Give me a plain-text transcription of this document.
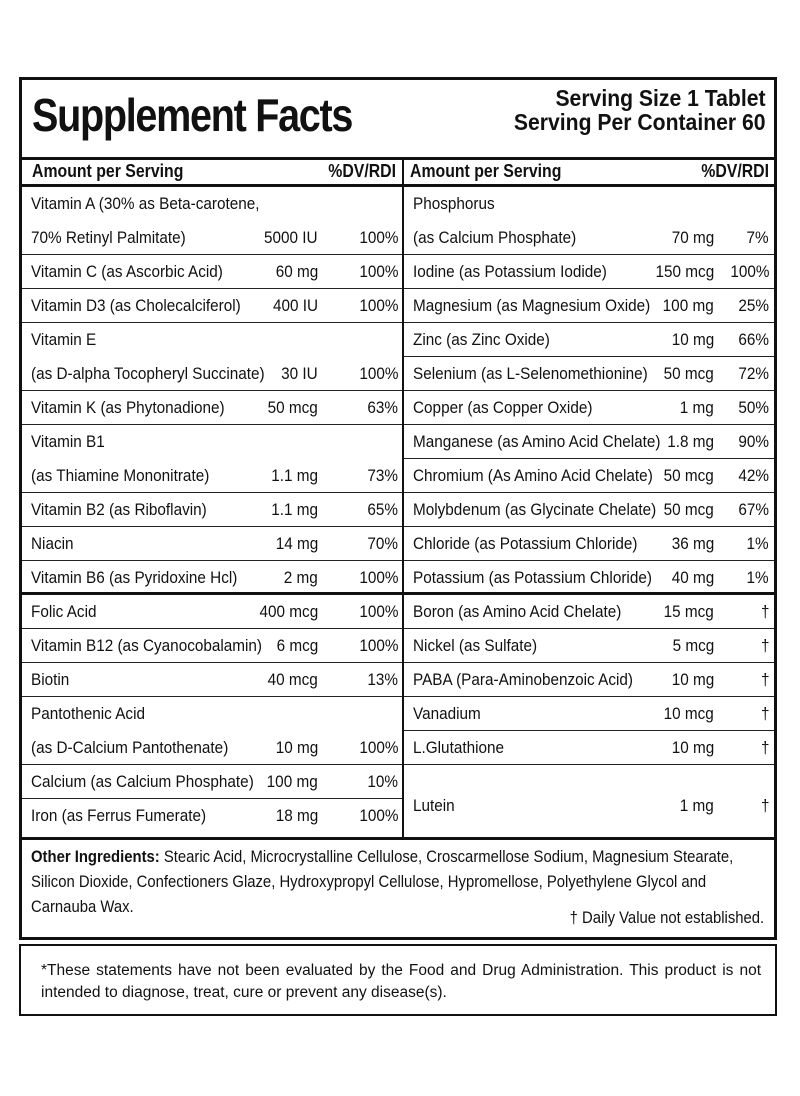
Supplement Facts	Serving Size 1 Tablet
Serving Per Container 60
Amount per Serving	%DV/RDI Amount per Serving	%DV/RDI
Vitamin A (30% as Beta-carotene,
70% Retinyl Palmitate)	5000 IU 100%
Vitamin C (as Ascorbic Acid)	60 mg 100%
Vitamin D3 (as Cholecalciferol) 400 IU 100%
Vitamin E
(as D-alpha Tocopheryl Succinate) 30 IU 100%
Vitamin K (as Phytonadione)	50 mcg	63%
Vitamin B1
(as Thiamine Mononitrate)	1.1 mg	73%
Vitamin B2 (as Riboflavin)	1.1 mg	65%
Niacin	14 mg	70%
Vitamin B6 (as Pyridoxine Hcl)	2 mg 100%
Folic Acid	400 mcg 100%
Vitamin B12 (as Cyanocobalamin) 6 mcg 100%
Biotin	40 mcg	13%
Pantothenic Acid
(as D-Calcium Pantothenate)	10 mg 100%
Calcium (as Calcium Phosphate) 100 mg	10%
Iron (as Ferrus Fumerate)	18 mg 100%
Phosphorus
(as Calcium Phosphate)	70 mg 7%
Iodine (as Potassium Iodide)	150 mcg 100%
Magnesium (as Magnesium Oxide) 100 mg 25%
Zinc (as Zinc Oxide)	10 mg 66%
Selenium (as L-Selenomethionine) 50 mcg 72%
Copper (as Copper Oxide)	1 mg 50%
Manganese (as Amino Acid Chelate) 1.8 mg 90%
Chromium (As Amino Acid Chelate) 50 mcg 42%
Molybdenum (as Glycinate Chelate) 50 mcg 67%
Chloride (as Potassium Chloride) 36 mg 1%
Potassium (as Potassium Chloride) 40 mg 1%
Boron (as Amino Acid Chelate) 15 mcg	†
Nickel (as Sulfate)	5 mcg	†
PABA (Para-Aminobenzoic Acid) 10 mg	†
Vanadium	10 mcg	†
L.Glutathione	10 mg	†
Lutein	1 mg	†
Other Ingredients: Stearic Acid, Microcrystalline Cellulose, Croscarmellose Sodium, Magnesium Stearate, Silicon Dioxide, Confectioners Glaze, Hydroxypropyl Cellulose, Hypromellose, Polyethylene Glycol and Carnauba Wax.
† Daily Value not established.
*These statements have not been evaluated by the Food and Drug Administration. This product is not intended to diagnose, treat, cure or prevent any disease(s).
